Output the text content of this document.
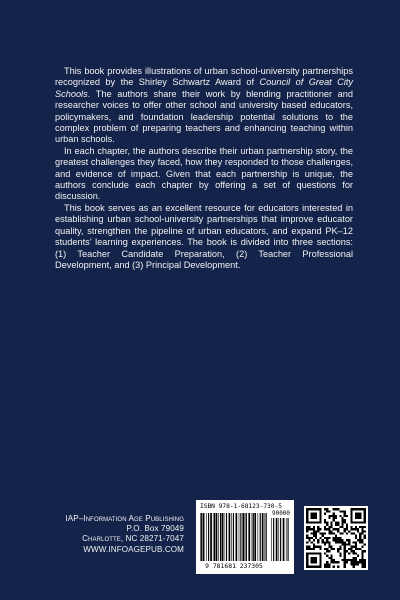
This book provides illustrations of urban school-university partnerships recognized by the Shirley Schwartz Award of Council of Great City Schools. The authors share their work by blending practitioner and researcher voices to offer other school and university based educators, policymakers, and foundation leadership potential solutions to the complex problem of preparing teachers and enhancing teaching within urban schools.

In each chapter, the authors describe their urban partnership story, the greatest challenges they faced, how they responded to those challenges, and evidence of impact. Given that each partnership is unique, the authors conclude each chapter by offering a set of questions for discussion.

This book serves as an excellent resource for educators interested in establishing urban school-university partnerships that improve educator quality, strengthen the pipeline of urban educators, and expand PK–12 students’ learning experiences. The book is divided into three sections: (1) Teacher Candidate Preparation, (2) Teacher Professional Development, and (3) Principal Development.

IAP–Information Age Publishing
P.O. Box 79049
Charlotte, NC 28271-7047
WWW.INFOAGEPUB.COM
ISBN 978-1-68123-730-5
90000
9 781681 237305
